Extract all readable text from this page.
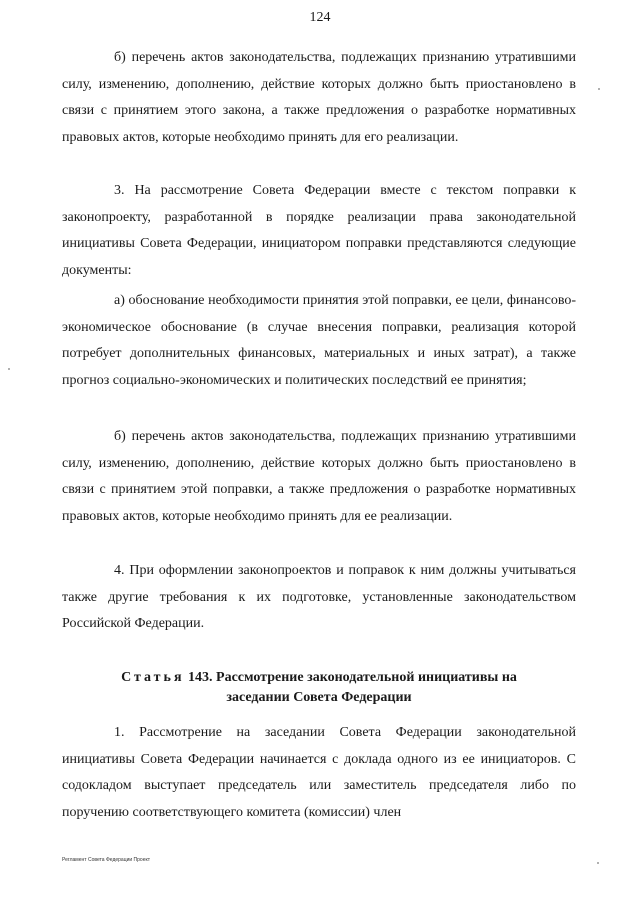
124
б) перечень актов законодательства, подлежащих признанию утратившими силу, изменению, дополнению, действие которых должно быть приостановлено в связи с принятием этого закона, а также предложения о разработке нормативных правовых актов, которые необходимо принять для его реализации.
3. На рассмотрение Совета Федерации вместе с текстом поправки к законопроекту, разработанной в порядке реализации права законодательной инициативы Совета Федерации, инициатором поправки представляются следующие документы:
а) обоснование необходимости принятия этой поправки, ее цели, финансово-экономическое обоснование (в случае внесения поправки, реализация которой потребует дополнительных финансовых, материальных и иных затрат), а также прогноз социально-экономических и политических последствий ее принятия;
б) перечень актов законодательства, подлежащих признанию утратившими силу, изменению, дополнению, действие которых должно быть приостановлено в связи с принятием этой поправки, а также предложения о разработке нормативных правовых актов, которые необходимо принять для ее реализации.
4. При оформлении законопроектов и поправок к ним должны учитываться также другие требования к их подготовке, установленные законодательством Российской Федерации.
Статья 143. Рассмотрение законодательной инициативы на
заседании Совета Федерации
1. Рассмотрение на заседании Совета Федерации законодательной инициативы Совета Федерации начинается с доклада одного из ее инициаторов. С содокладом выступает председатель или заместитель председателя либо по поручению соответствующего комитета (комиссии) член
Регламент Совета Федерации Проект
